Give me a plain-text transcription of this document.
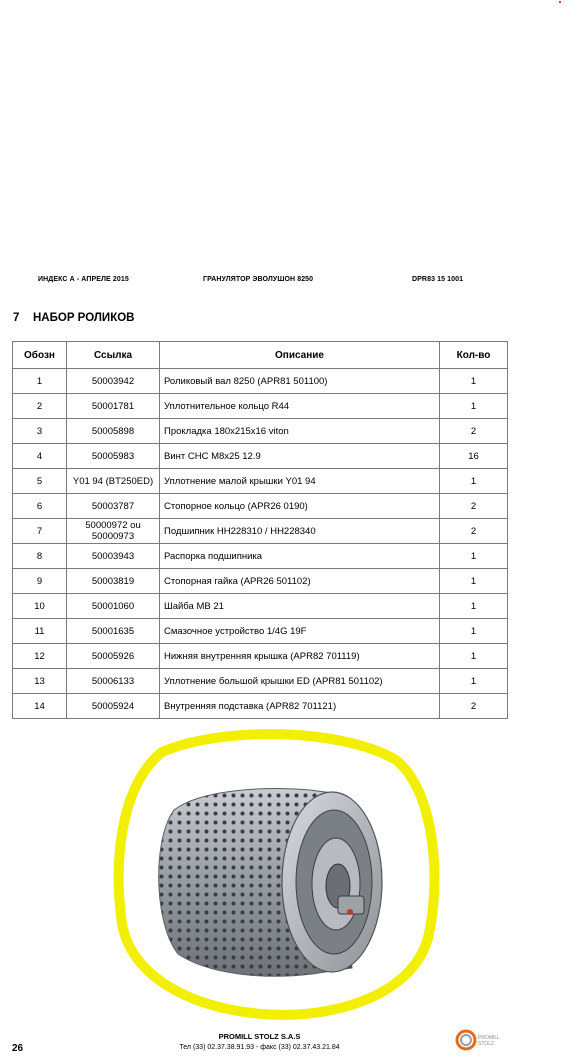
ИНДЕКС А - АПРЕЛЕ 2015	ГРАНУЛЯТОР ЭВОЛУШОН 8250	DPR83 15 1001
7 НАБОР РОЛИКОВ
Обозн	Ссылка	Описание	Кол-во
1	50003942	Роликовый вал 8250 (APR81 501100)	1
2	50001781	Уплотнительное кольцо R44	1
3	50005898	Прокладка 180x215x16 viton	2
4	50005983	Винт CHC M8x25 12.9	16
5	Y01 94 (BT250ED)	Уплотнение малой крышки Y01 94	1
6	50003787	Стопорное кольцо (APR26 0190)	2
7	50000972 ou 50000973	Подшипник HH228310 / HH228340	2
8	50003943	Распорка подшипника	1
9	50003819	Стопорная гайка (APR26 501102)	1
10	50001060	Шайба MB 21	1
11	50001635	Смазочное устройство 1/4G 19F	1
12	50005926	Нижняя внутренняя крышка (APR82 701119)	1
13	50006133	Уплотнение большой крышки ED (APR81 501102)	1
14	50005924	Внутренняя подставка (APR82 701121)	2
26
PROMILL STOLZ S.A.S
Тел (33) 02.37.38.91.93 - факс (33) 02.37.43.21.84
PROMILL
STOLZ
